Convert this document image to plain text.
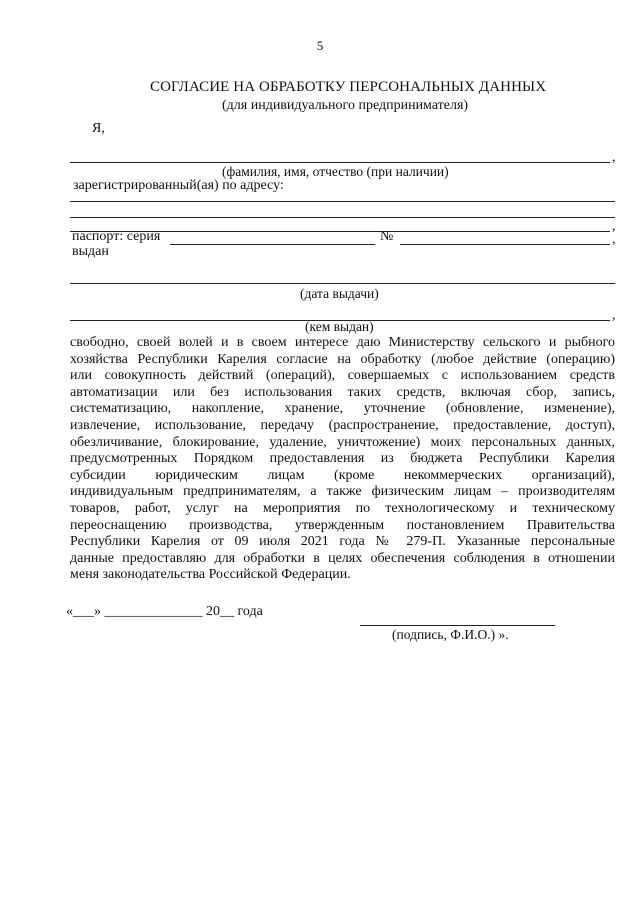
5
СОГЛАСИЕ НА ОБРАБОТКУ ПЕРСОНАЛЬНЫХ ДАННЫХ
(для индивидуального предпринимателя)
Я,
,
(фамилия, имя, отчество (при наличии)
зарегистрированный(ая) по адресу:
,
паспорт: серия	№	,
выдан
(дата выдачи)
,
(кем выдан)
свободно, своей волей и в своем интересе даю Министерству сельского и рыбного
хозяйства Республики Карелия согласие на обработку (любое действие (операцию)
или совокупность действий (операций), совершаемых с использованием средств
автоматизации или без использования таких средств, включая сбор, запись,
систематизацию, накопление, хранение, уточнение (обновление, изменение),
извлечение, использование, передачу (распространение, предоставление, доступ),
обезличивание, блокирование, удаление, уничтожение) моих персональных данных,
предусмотренных Порядком предоставления из бюджета Республики Карелия
субсидии юридическим лицам (кроме некоммерческих организаций),
индивидуальным предпринимателям, а также физическим лицам – производителям
товаров, работ, услуг на мероприятия по технологическому и техническому
переоснащению производства, утвержденным постановлением Правительства
Республики Карелия от 09 июля 2021 года № 279-П. Указанные персональные
данные предоставляю для обработки в целях обеспечения соблюдения в отношении
меня законодательства Российской Федерации.
«___» ______________ 20__ года
(подпись, Ф.И.О.) ».
